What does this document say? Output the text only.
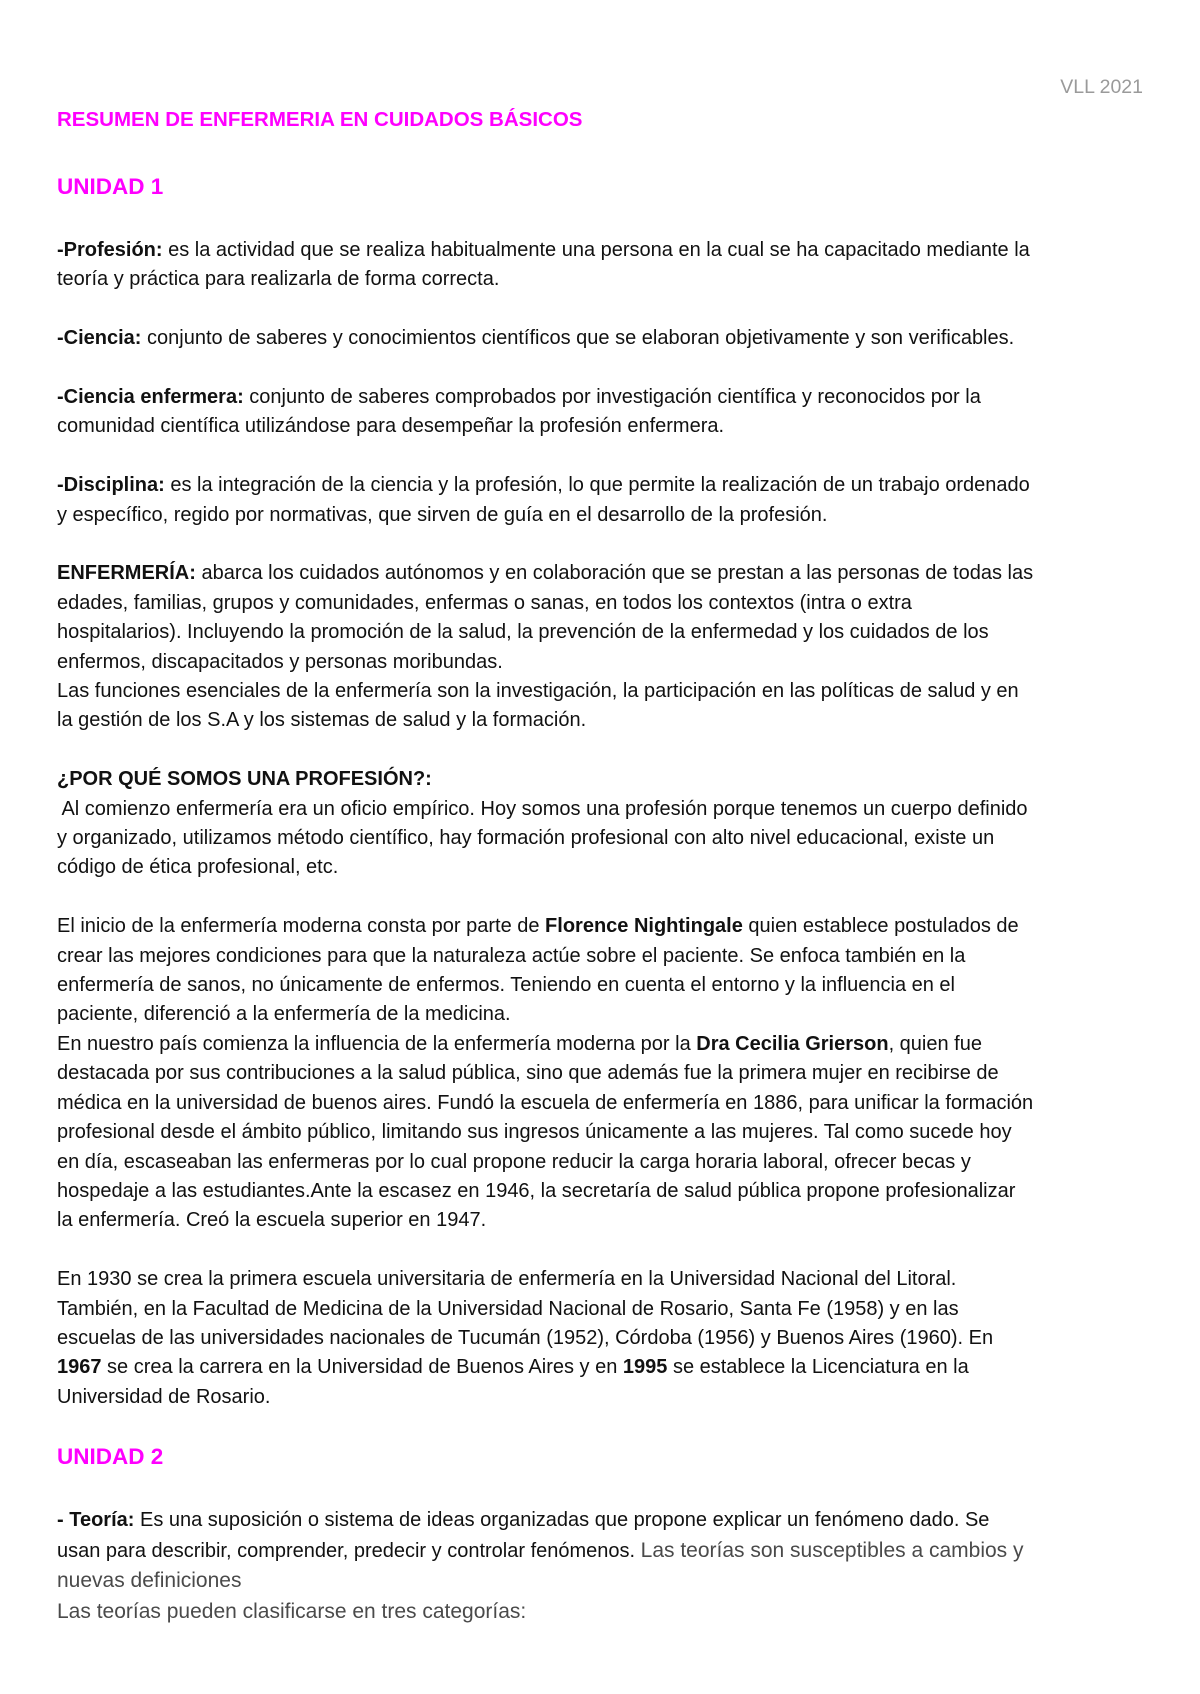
VLL 2021
RESUMEN DE ENFERMERIA EN CUIDADOS BÁSICOS
UNIDAD 1
-Profesión: es la actividad que se realiza habitualmente una persona en la cual se ha capacitado mediante la
teoría y práctica para realizarla de forma correcta.
-Ciencia: conjunto de saberes y conocimientos científicos que se elaboran objetivamente y son verificables.
-Ciencia enfermera: conjunto de saberes comprobados por investigación científica y reconocidos por la
comunidad científica utilizándose para desempeñar la profesión enfermera.
-Disciplina: es la integración de la ciencia y la profesión, lo que permite la realización de un trabajo ordenado
y específico, regido por normativas, que sirven de guía en el desarrollo de la profesión.
ENFERMERÍA: abarca los cuidados autónomos y en colaboración que se prestan a las personas de todas las
edades, familias, grupos y comunidades, enfermas o sanas, en todos los contextos (intra o extra
hospitalarios). Incluyendo la promoción de la salud, la prevención de la enfermedad y los cuidados de los
enfermos, discapacitados y personas moribundas.
Las funciones esenciales de la enfermería son la investigación, la participación en las políticas de salud y en
la gestión de los S.A y los sistemas de salud y la formación.
¿POR QUÉ SOMOS UNA PROFESIÓN?:
Al comienzo enfermería era un oficio empírico. Hoy somos una profesión porque tenemos un cuerpo definido
y organizado, utilizamos método científico, hay formación profesional con alto nivel educacional, existe un
código de ética profesional, etc.
El inicio de la enfermería moderna consta por parte de Florence Nightingale quien establece postulados de
crear las mejores condiciones para que la naturaleza actúe sobre el paciente. Se enfoca también en la
enfermería de sanos, no únicamente de enfermos. Teniendo en cuenta el entorno y la influencia en el
paciente, diferenció a la enfermería de la medicina.
En nuestro país comienza la influencia de la enfermería moderna por la Dra Cecilia Grierson, quien fue
destacada por sus contribuciones a la salud pública, sino que además fue la primera mujer en recibirse de
médica en la universidad de buenos aires. Fundó la escuela de enfermería en 1886, para unificar la formación
profesional desde el ámbito público, limitando sus ingresos únicamente a las mujeres. Tal como sucede hoy
en día, escaseaban las enfermeras por lo cual propone reducir la carga horaria laboral, ofrecer becas y
hospedaje a las estudiantes.Ante la escasez en 1946, la secretaría de salud pública propone profesionalizar
la enfermería. Creó la escuela superior en 1947.
En 1930 se crea la primera escuela universitaria de enfermería en la Universidad Nacional del Litoral.
También, en la Facultad de Medicina de la Universidad Nacional de Rosario, Santa Fe (1958) y en las
escuelas de las universidades nacionales de Tucumán (1952), Córdoba (1956) y Buenos Aires (1960). En
1967 se crea la carrera en la Universidad de Buenos Aires y en 1995 se establece la Licenciatura en la
Universidad de Rosario.
UNIDAD 2
- Teoría: Es una suposición o sistema de ideas organizadas que propone explicar un fenómeno dado. Se
usan para describir, comprender, predecir y controlar fenómenos. Las teorías son susceptibles a cambios y
nuevas definiciones
Las teorías pueden clasificarse en tres categorías:
